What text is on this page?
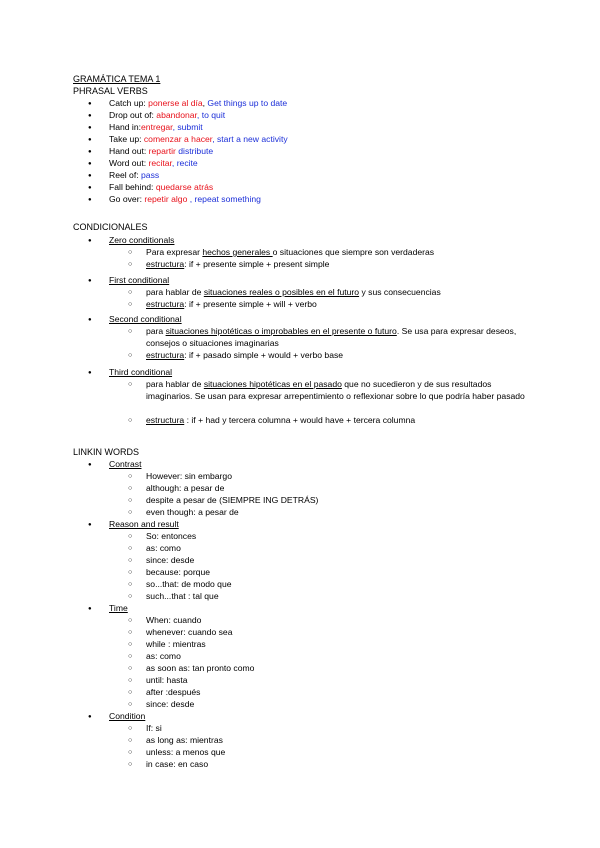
GRAMÁTICA TEMA 1
PHRASAL VERBS
●
Catch up: ponerse al día, Get things up to date
●
Drop out of: abandonar, to quit
●
Hand in:entregar, submit
●
Take up: comenzar a hacer, start a new activity
●
Hand out: repartir distribute
●
Word out: recitar, recite
●
Reel of: pass
●
Fall behind: quedarse atrás
●
Go over: repetir algo , repeat something
CONDICIONALES
●
Zero conditionals
○
Para expresar hechos generales o situaciones que siempre son verdaderas
○
estructura: if + presente simple + present simple
●
First conditional
○
para hablar de situaciones reales o posibles en el futuro y sus consecuencias
○
estructura: if + presente simple + will + verbo
●
Second conditional
○
para situaciones hipotéticas o improbables en el presente o futuro. Se usa para expresar deseos, consejos o situaciones imaginarias
○
estructura: if + pasado simple + would + verbo base
●
Third conditional
○
para hablar de situaciones hipotéticas en el pasado que no sucedieron y de sus resultados imaginarios. Se usan para expresar arrepentimiento o reflexionar sobre lo que podría haber pasado
○
estructura : if + had y tercera columna + would have + tercera columna
LINKIN WORDS
●
Contrast
○
However: sin embargo
○
although: a pesar de
○
despite a pesar de (SIEMPRE ING DETRÁS)
○
even though: a pesar de
●
Reason and result
○
So: entonces
○
as: como
○
since: desde
○
because: porque
○
so...that: de modo que
○
such...that : tal que
●
Time
○
When: cuando
○
whenever: cuando sea
○
while : mientras
○
as: como
○
as soon as: tan pronto como
○
until: hasta
○
after :después
○
since: desde
●
Condition
○
If: si
○
as long as: mientras
○
unless: a menos que
○
in case: en caso
